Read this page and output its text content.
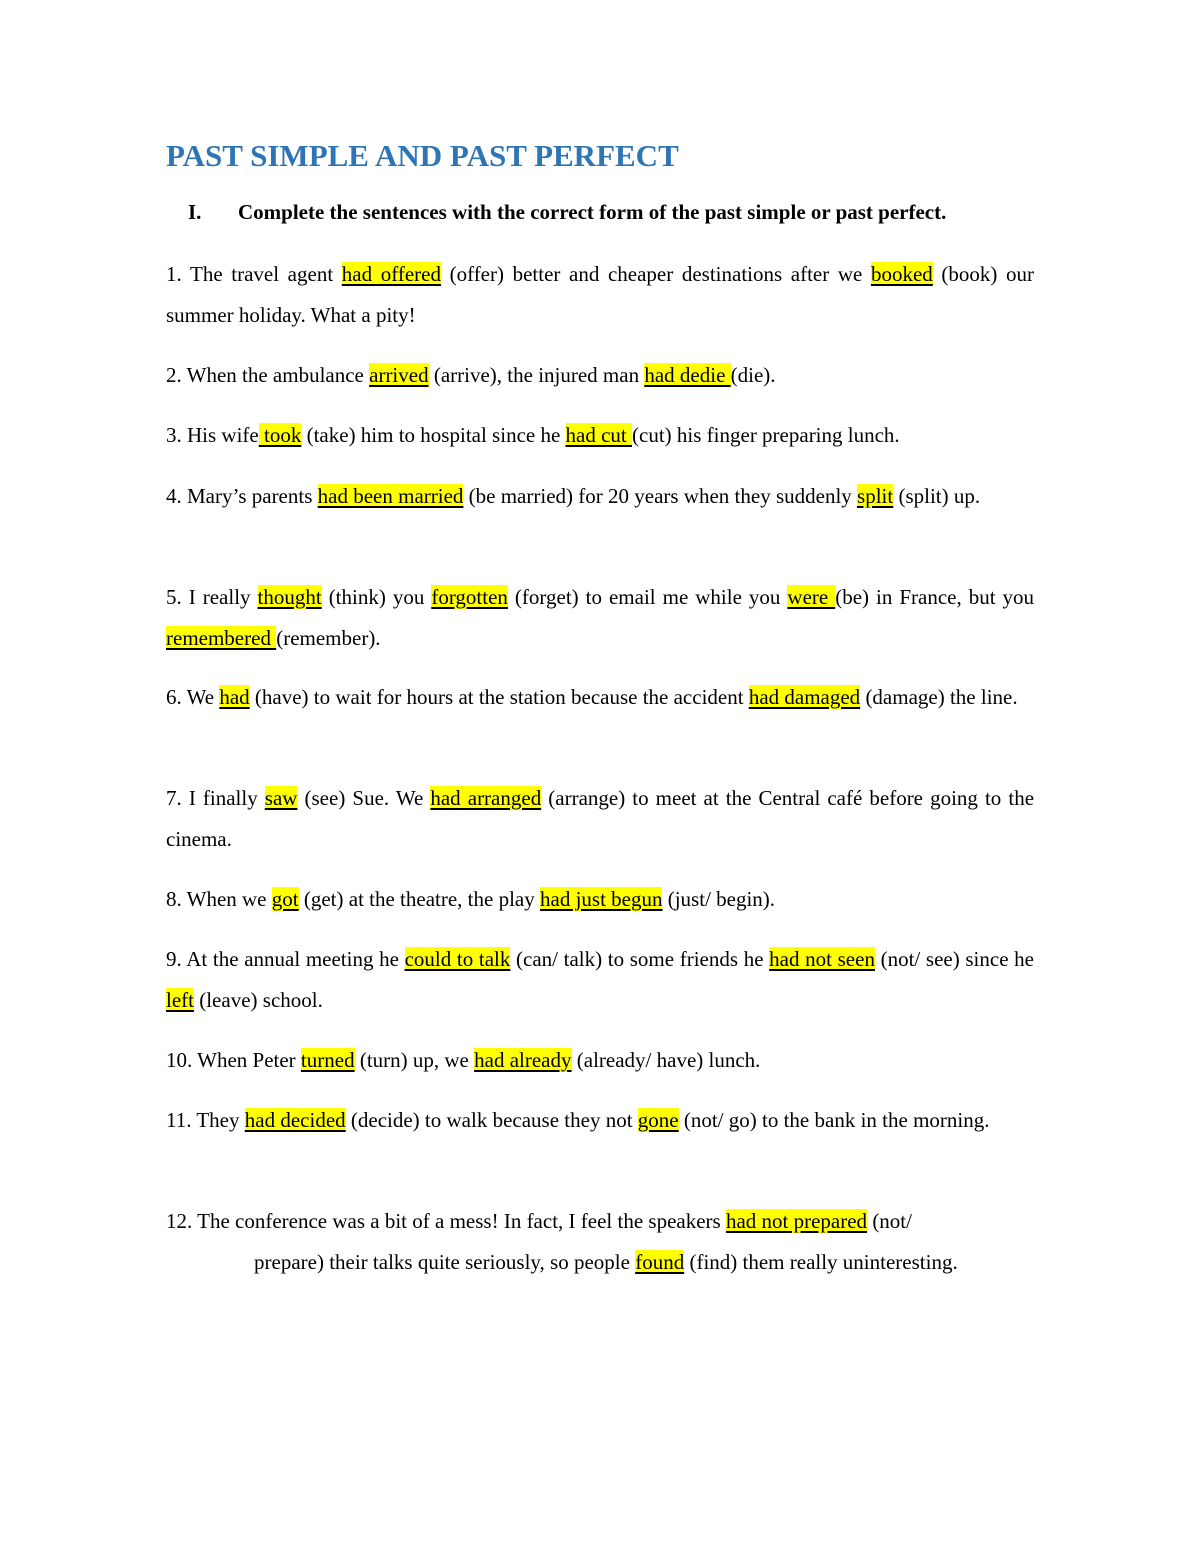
PAST SIMPLE AND PAST PERFECT

I. Complete the sentences with the correct form of the past simple or past perfect.

1. The travel agent had offered (offer) better and cheaper destinations after we booked (book) our summer holiday. What a pity!

2. When the ambulance arrived (arrive), the injured man had dedie (die).

3. His wife took (take) him to hospital since he had cut (cut) his finger preparing lunch.

4. Mary’s parents had been married (be married) for 20 years when they suddenly split (split) up.

5. I really thought (think) you forgotten (forget) to email me while you were (be) in France, but you remembered (remember).

6. We had (have) to wait for hours at the station because the accident had damaged (damage) the line.

7. I finally saw (see) Sue. We had arranged (arrange) to meet at the Central café before going to the cinema.

8. When we got (get) at the theatre, the play had just begun (just/ begin).

9. At the annual meeting he could to talk (can/ talk) to some friends he had not seen (not/ see) since he left (leave) school.

10. When Peter turned (turn) up, we had already (already/ have) lunch.

11. They had decided (decide) to walk because they not gone (not/ go) to the bank in the morning.

12. The conference was a bit of a mess! In fact, I feel the speakers had not prepared (not/

prepare) their talks quite seriously, so people found (find) them really uninteresting.
